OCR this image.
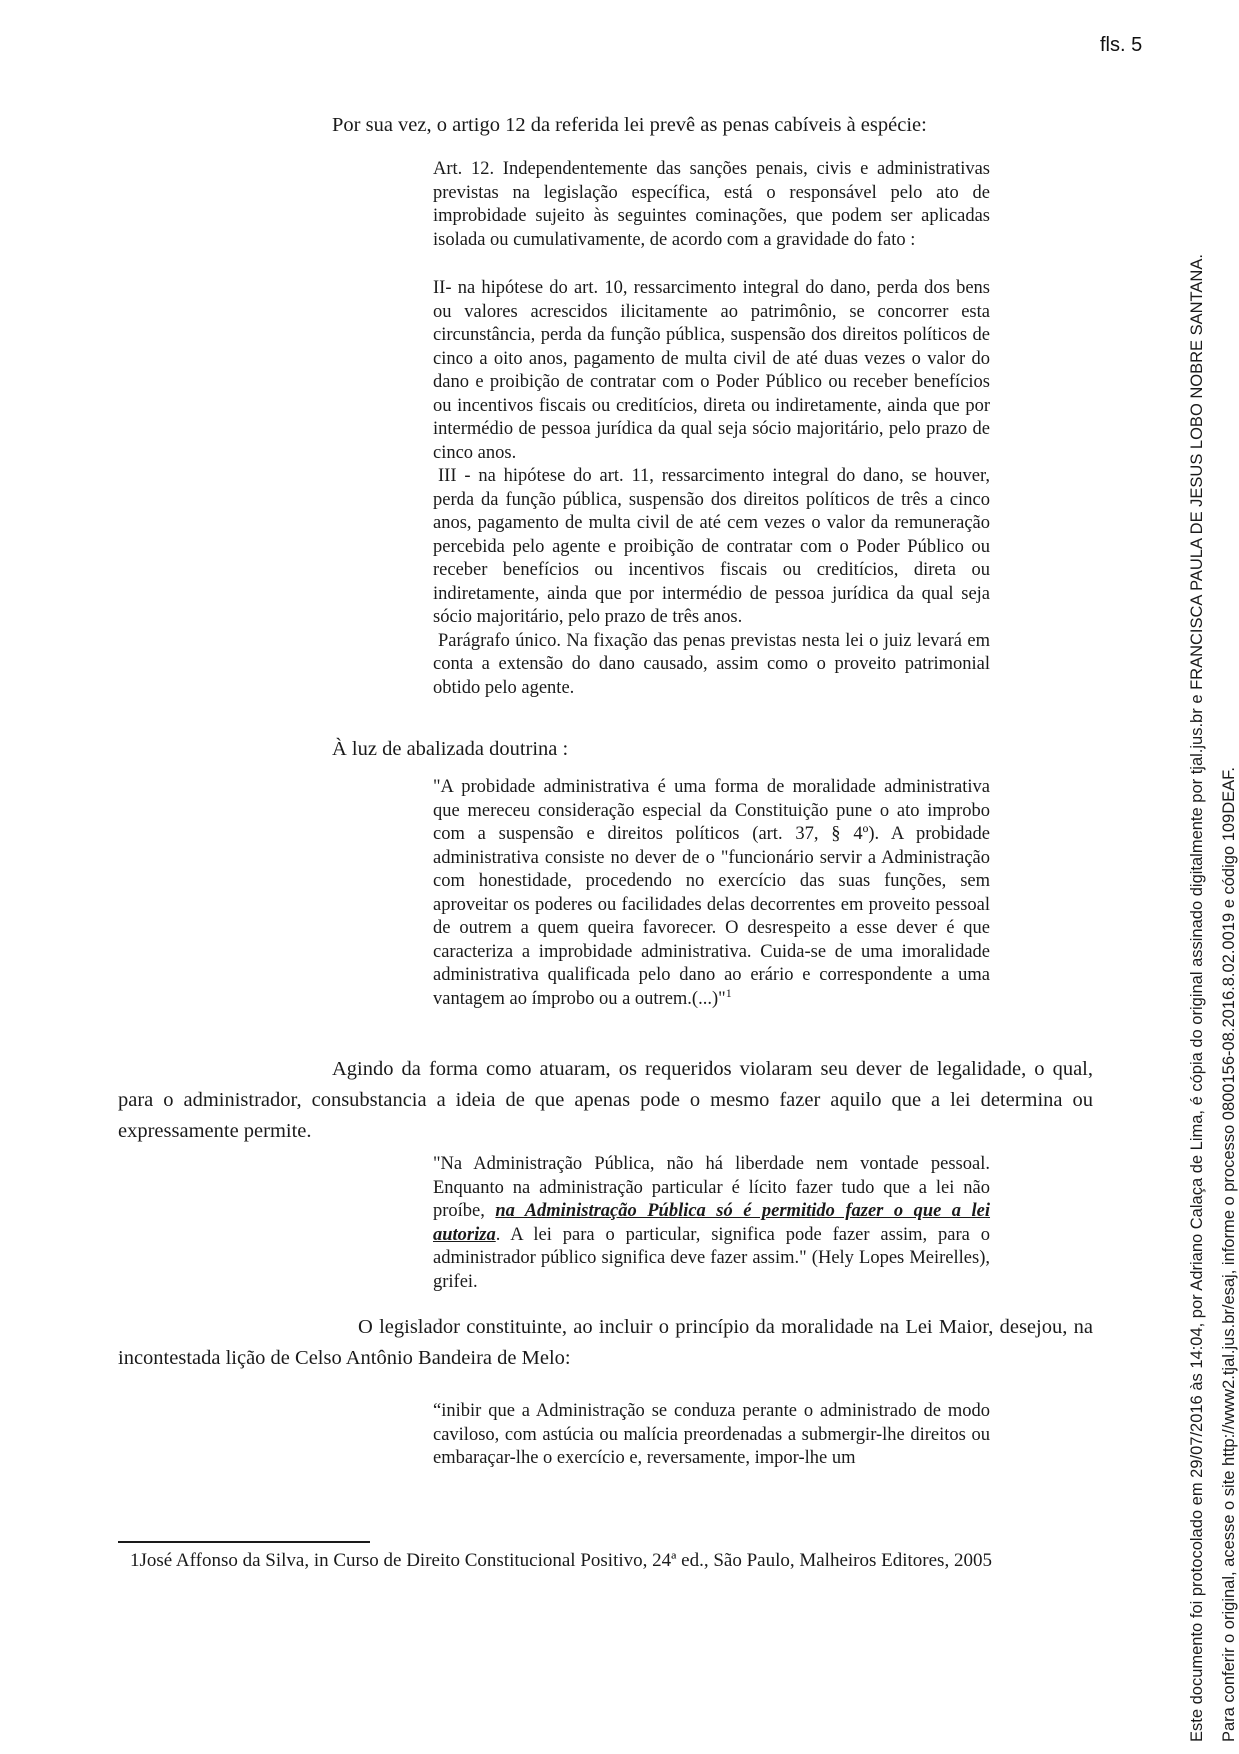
fls. 5

Por sua vez, o artigo 12 da referida lei prevê as penas cabíveis à espécie:

Art. 12. Independentemente das sanções penais, civis e administrativas previstas na legislação específica, está o responsável pelo ato de improbidade sujeito às seguintes cominações, que podem ser aplicadas isolada ou cumulativamente, de acordo com a gravidade do fato :

II- na hipótese do art. 10, ressarcimento integral do dano, perda dos bens ou valores acrescidos ilicitamente ao patrimônio, se concorrer esta circunstância, perda da função pública, suspensão dos direitos políticos de cinco a oito anos, pagamento de multa civil de até duas vezes o valor do dano e proibição de contratar com o Poder Público ou receber benefícios ou incentivos fiscais ou creditícios, direta ou indiretamente, ainda que por intermédio de pessoa jurídica da qual seja sócio majoritário, pelo prazo de cinco anos.

III - na hipótese do art. 11, ressarcimento integral do dano, se houver, perda da função pública, suspensão dos direitos políticos de três a cinco anos, pagamento de multa civil de até cem vezes o valor da remuneração percebida pelo agente e proibição de contratar com o Poder Público ou receber benefícios ou incentivos fiscais ou creditícios, direta ou indiretamente, ainda que por intermédio de pessoa jurídica da qual seja sócio majoritário, pelo prazo de três anos.

Parágrafo único. Na fixação das penas previstas nesta lei o juiz levará em conta a extensão do dano causado, assim como o proveito patrimonial obtido pelo agente.

À luz de abalizada doutrina :

"A probidade administrativa é uma forma de moralidade administrativa que mereceu consideração especial da Constituição pune o ato improbo com a suspensão e direitos políticos (art. 37, § 4º). A probidade administrativa consiste no dever de o "funcionário servir a Administração com honestidade, procedendo no exercício das suas funções, sem aproveitar os poderes ou facilidades delas decorrentes em proveito pessoal de outrem a quem queira favorecer. O desrespeito a esse dever é que caracteriza a improbidade administrativa. Cuida-se de uma imoralidade administrativa qualificada pelo dano ao erário e correspondente a uma vantagem ao ímprobo ou a outrem.(...)"$^1$

Agindo da forma como atuaram, os requeridos violaram seu dever de legalidade, o qual, para o administrador, consubstancia a ideia de que apenas pode o mesmo fazer aquilo que a lei determina ou expressamente permite.

"Na Administração Pública, não há liberdade nem vontade pessoal. Enquanto na administração particular é lícito fazer tudo que a lei não proíbe, na Administração Pública só é permitido fazer o que a lei autoriza. A lei para o particular, significa pode fazer assim, para o administrador público significa deve fazer assim." (Hely Lopes Meirelles), grifei.

O legislador constituinte, ao incluir o princípio da moralidade na Lei Maior, desejou, na incontestada lição de Celso Antônio Bandeira de Melo:

“inibir que a Administração se conduza perante o administrado de modo caviloso, com astúcia ou malícia preordenadas a submergir-lhe direitos ou embaraçar-lhe o exercício e, reversamente, impor-lhe um

1José Affonso da Silva, in Curso de Direito Constitucional Positivo, 24ª ed., São Paulo, Malheiros Editores, 2005	Este documento foi protocolado em 29/07/2016 às 14:04, por Adriano Calaça de Lima, é cópia do original assinado digitalmente por tjal.jus.br e FRANCISCA PAULA DE JESUS LOBO NOBRE SANTANA. Para conferir o original, acesse o site http://www2.tjal.jus.br/esaj, informe o processo 0800156-08.2016.8.02.0019 e código 109DEAF.
